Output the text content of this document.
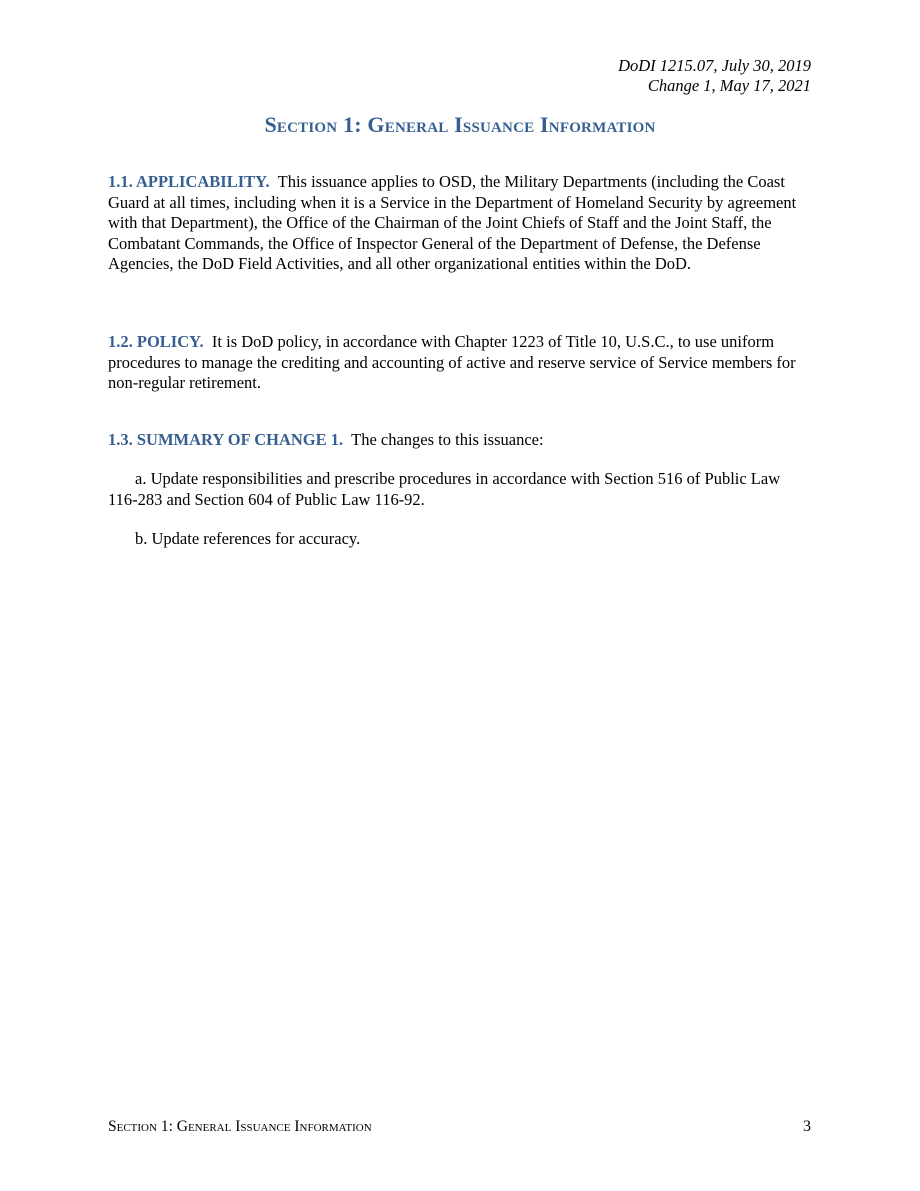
DoDI 1215.07, July 30, 2019
Change 1, May 17, 2021
Section 1: General Issuance Information
1.1. APPLICABILITY. This issuance applies to OSD, the Military Departments (including the Coast Guard at all times, including when it is a Service in the Department of Homeland Security by agreement with that Department), the Office of the Chairman of the Joint Chiefs of Staff and the Joint Staff, the Combatant Commands, the Office of Inspector General of the Department of Defense, the Defense Agencies, the DoD Field Activities, and all other organizational entities within the DoD.
1.2. POLICY. It is DoD policy, in accordance with Chapter 1223 of Title 10, U.S.C., to use uniform procedures to manage the crediting and accounting of active and reserve service of Service members for non-regular retirement.
1.3. SUMMARY OF CHANGE 1. The changes to this issuance:
a. Update responsibilities and prescribe procedures in accordance with Section 516 of Public Law 116-283 and Section 604 of Public Law 116-92.
b. Update references for accuracy.
Section 1: General Issuance Information	3
